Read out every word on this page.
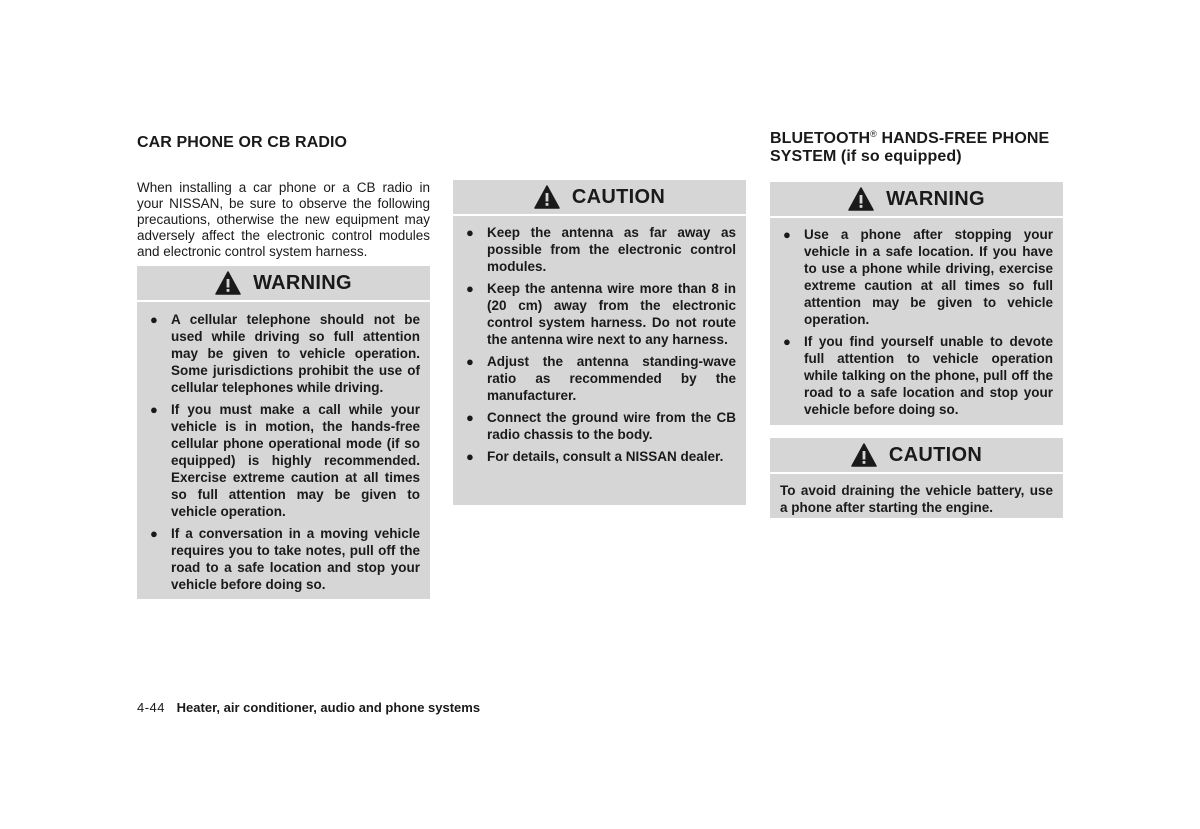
CAR PHONE OR CB RADIO

When installing a car phone or a CB radio in your NISSAN, be sure to observe the following precautions, otherwise the new equipment may adversely affect the electronic control modules and electronic control system harness.

WARNING
● A cellular telephone should not be used while driving so full attention may be given to vehicle operation. Some jurisdictions prohibit the use of cellular telephones while driving.
● If you must make a call while your vehicle is in motion, the hands-free cellular phone operational mode (if so equipped) is highly recommended. Exercise extreme caution at all times so full attention may be given to vehicle operation.
● If a conversation in a moving vehicle requires you to take notes, pull off the road to a safe location and stop your vehicle before doing so.
CAUTION
● Keep the antenna as far away as possible from the electronic control modules.
● Keep the antenna wire more than 8 in (20 cm) away from the electronic control system harness. Do not route the antenna wire next to any harness.
● Adjust the antenna standing-wave ratio as recommended by the manufacturer.
● Connect the ground wire from the CB radio chassis to the body.
● For details, consult a NISSAN dealer.
BLUETOOTH® HANDS-FREE PHONE
SYSTEM (if so equipped)
WARNING
● Use a phone after stopping your vehicle in a safe location. If you have to use a phone while driving, exercise extreme caution at all times so full attention may be given to vehicle operation.
● If you find yourself unable to devote full attention to vehicle operation while talking on the phone, pull off the road to a safe location and stop your vehicle before doing so.
CAUTION

To avoid draining the vehicle battery, use a phone after starting the engine.

4-44 Heater, air conditioner, audio and phone systems
